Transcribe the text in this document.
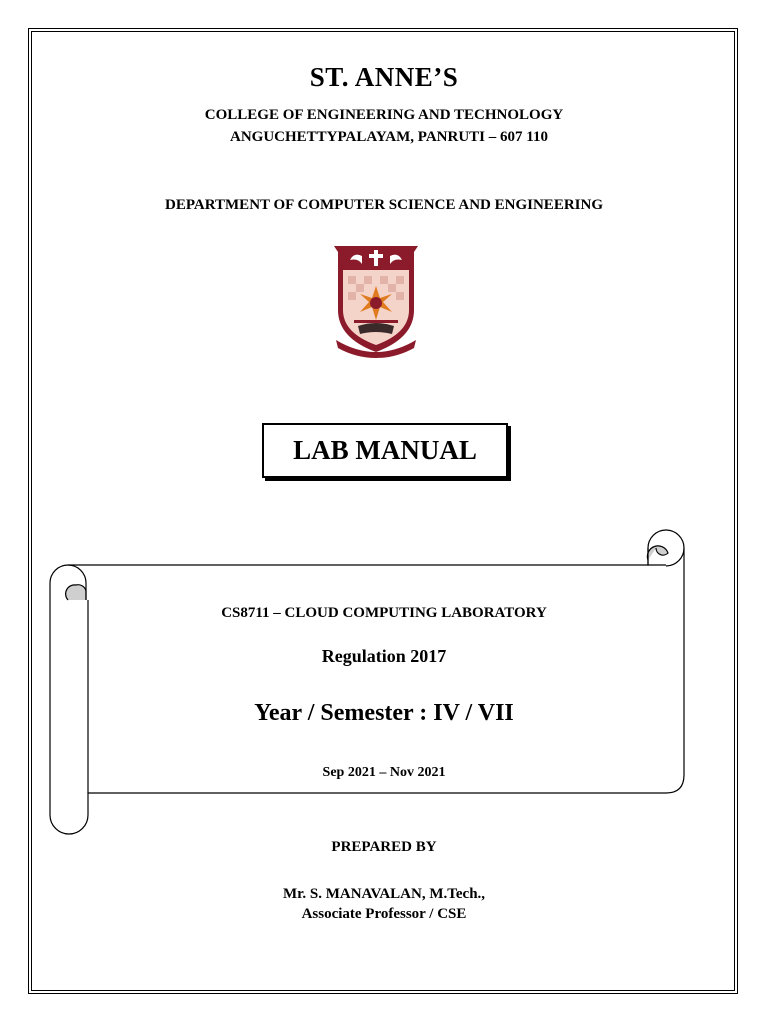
ST. ANNE’S
COLLEGE OF ENGINEERING AND TECHNOLOGY
ANGUCHETTYPALAYAM, PANRUTI – 607 110
DEPARTMENT OF COMPUTER SCIENCE AND ENGINEERING
LAB MANUAL
CS8711 – CLOUD COMPUTING LABORATORY
Regulation 2017
Year / Semester : IV / VII
Sep 2021 – Nov 2021
PREPARED BY
Mr. S. MANAVALAN, M.Tech.,
Associate Professor / CSE
